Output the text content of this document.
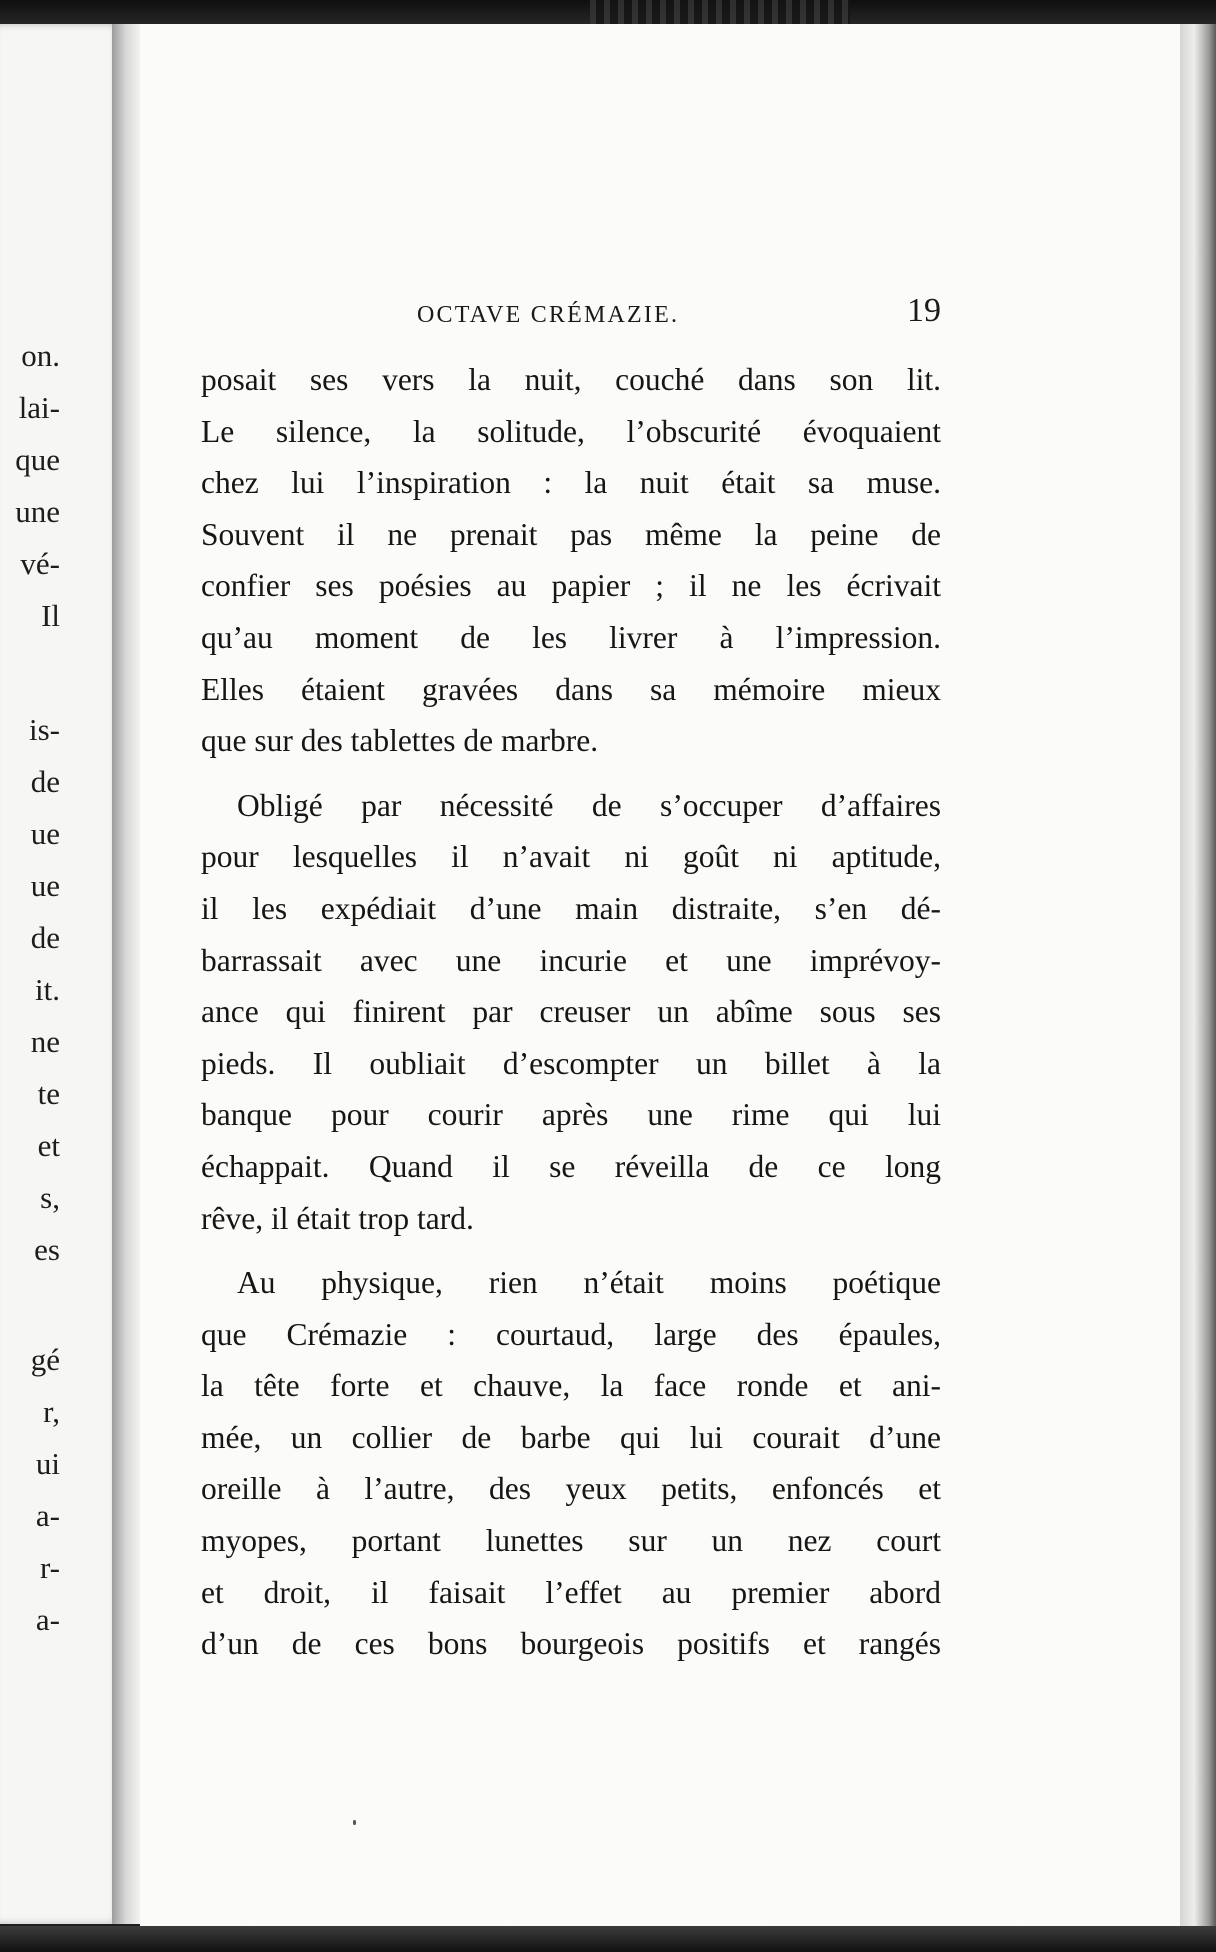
on.
lai-
que
une
vé-
Il
is-
de
ue
ue
de
it.
ne
te
et
s,
es
gé
r,
ui
a-
r-
a-
OCTAVE CRÉMAZIE.	19
posait ses vers la nuit, couché dans son lit.
Le silence, la solitude, l’obscurité évoquaient
chez lui l’inspiration : la nuit était sa muse.
Souvent il ne prenait pas même la peine de
confier ses poésies au papier ; il ne les écrivait
qu’au moment de les livrer à l’impression.
Elles étaient gravées dans sa mémoire mieux
que sur des tablettes de marbre.
Obligé par nécessité de s’occuper d’affaires
pour lesquelles il n’avait ni goût ni aptitude,
il les expédiait d’une main distraite, s’en dé-
barrassait avec une incurie et une imprévoy-
ance qui finirent par creuser un abîme sous ses
pieds. Il oubliait d’escompter un billet à la
banque pour courir après une rime qui lui
échappait. Quand il se réveilla de ce long
rêve, il était trop tard.
Au physique, rien n’était moins poétique
que Crémazie : courtaud, large des épaules,
la tête forte et chauve, la face ronde et ani-
mée, un collier de barbe qui lui courait d’une
oreille à l’autre, des yeux petits, enfoncés et
myopes, portant lunettes sur un nez court
et droit, il faisait l’effet au premier abord
d’un de ces bons bourgeois positifs et rangés
